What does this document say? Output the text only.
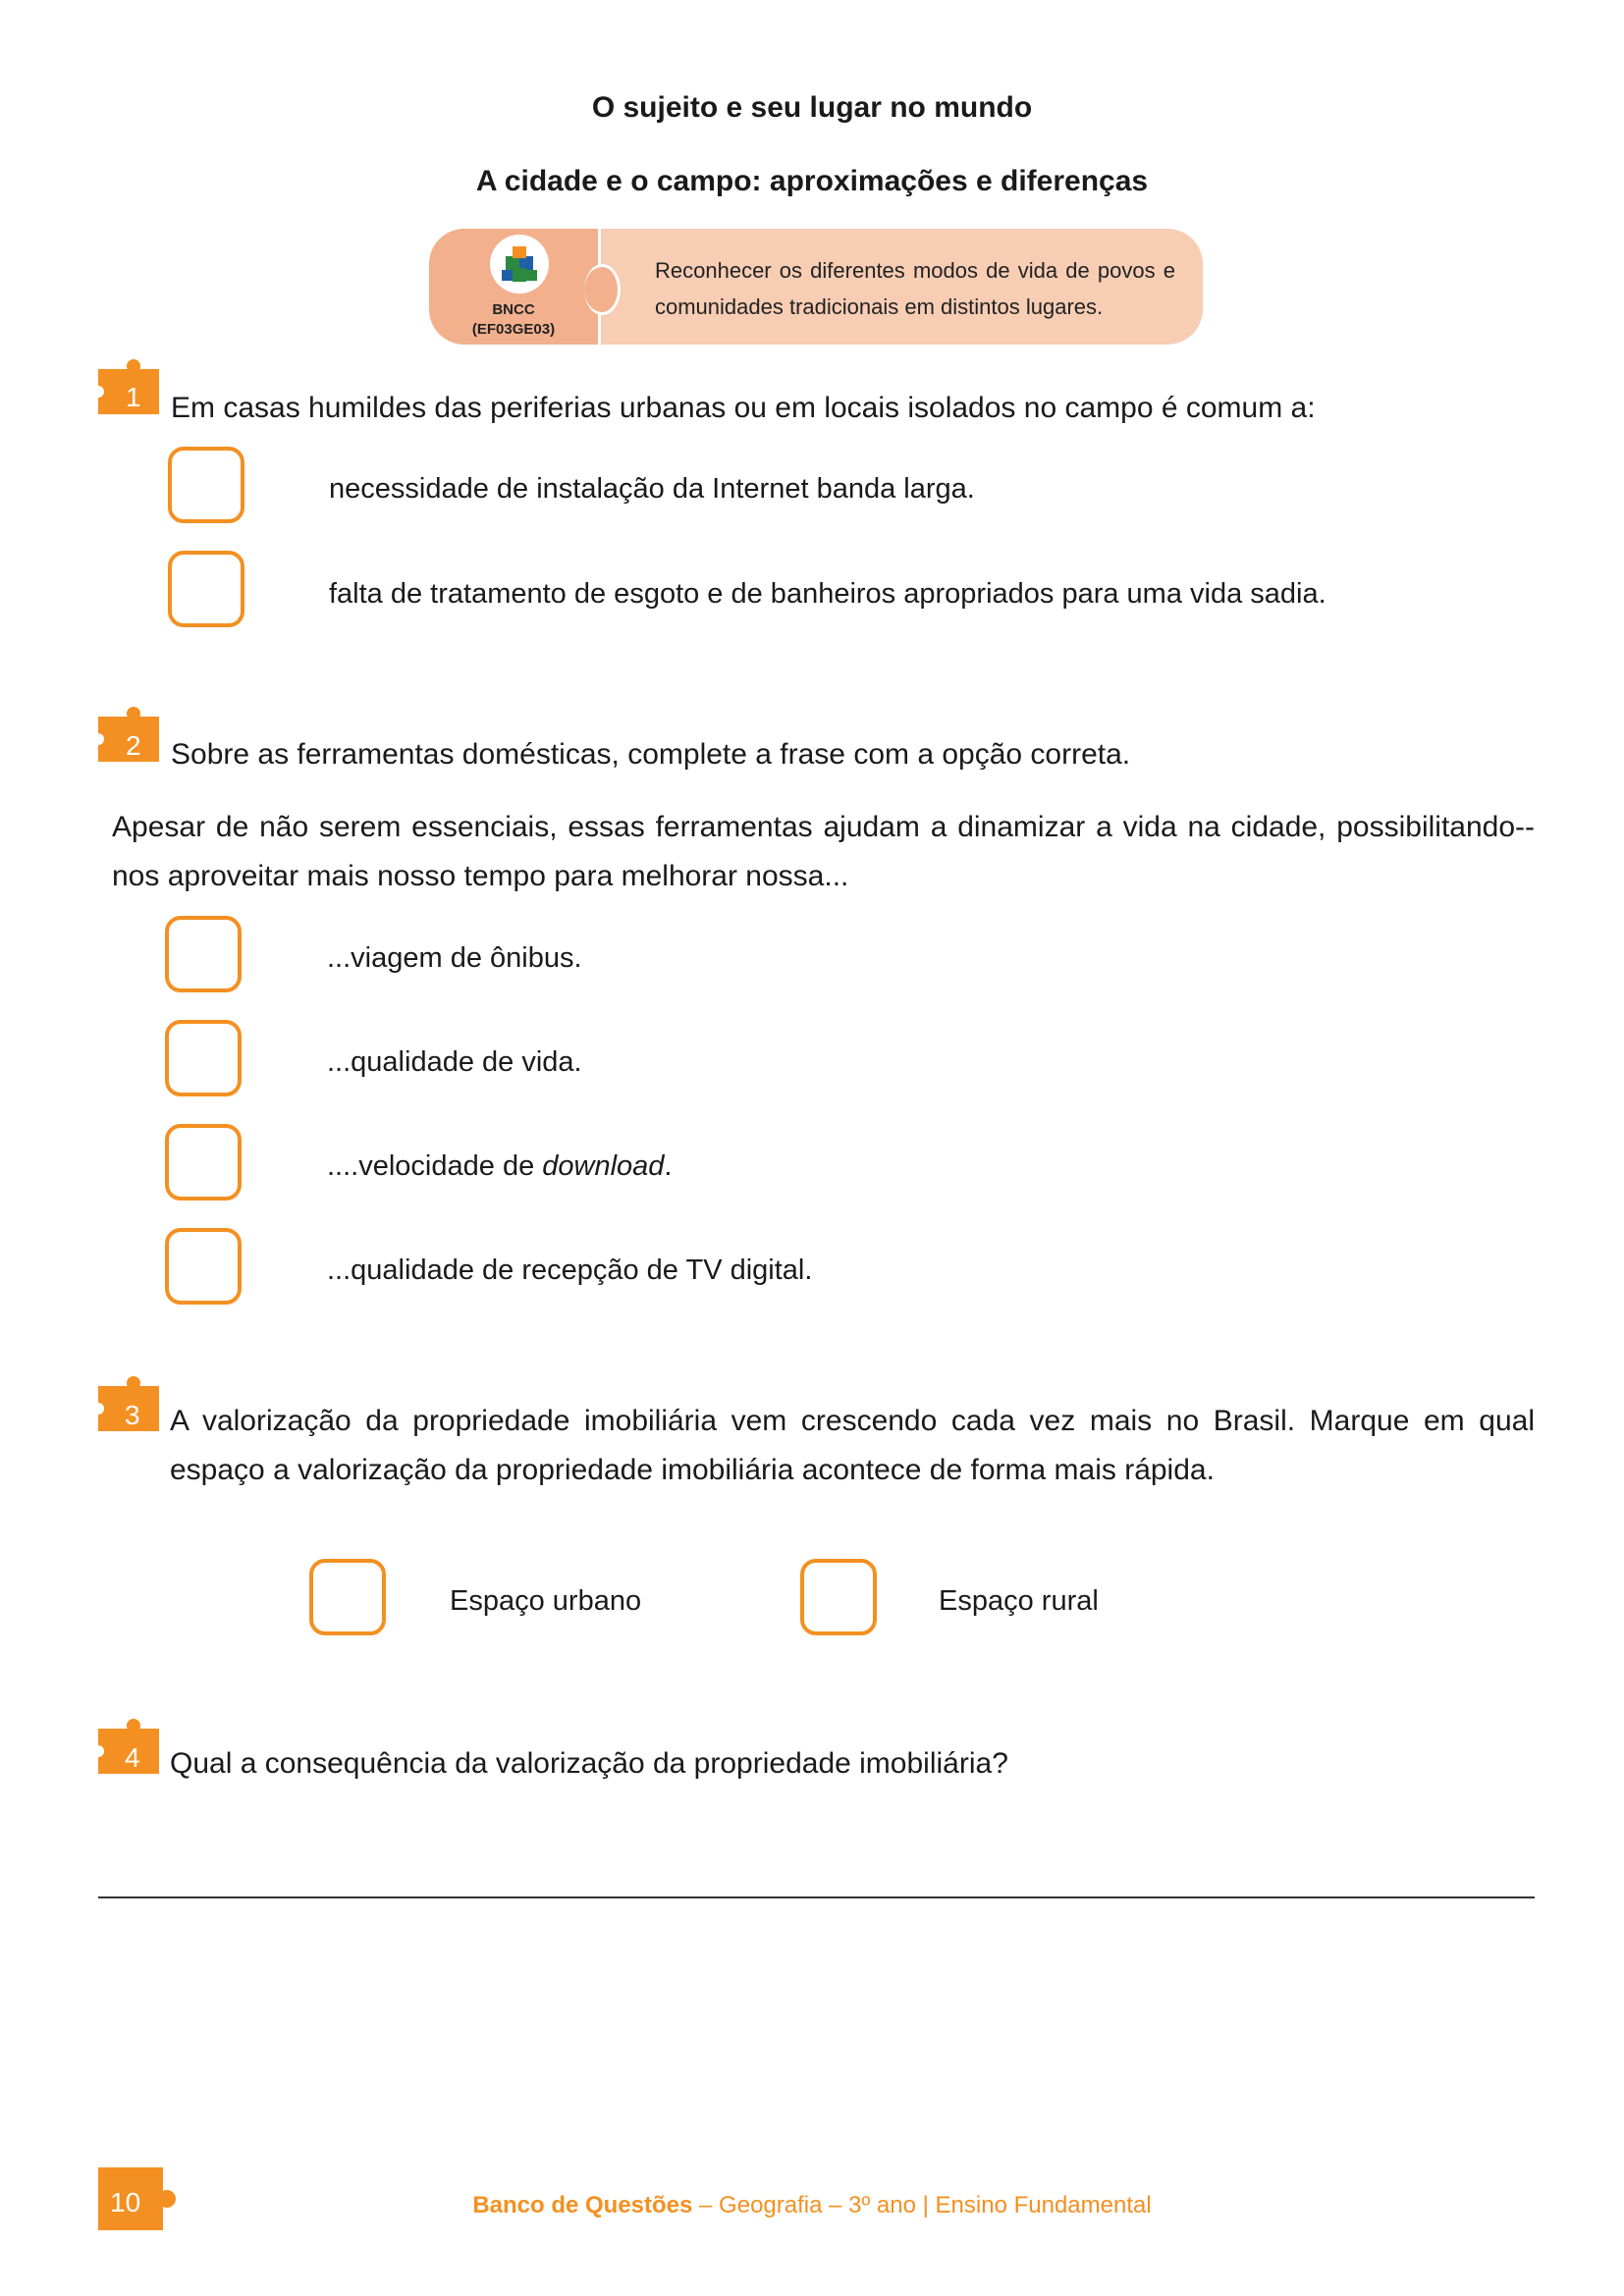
O sujeito e seu lugar no mundo
A cidade e o campo: aproximações e diferenças
BNCC
(EF03GE03)
Reconhecer os diferentes modos de vida de povos e comunidades tradicionais em distintos lugares.
1 Em casas humildes das periferias urbanas ou em locais isolados no campo é comum a:
necessidade de instalação da Internet banda larga.
falta de tratamento de esgoto e de banheiros apropriados para uma vida sadia.
2 Sobre as ferramentas domésticas, complete a frase com a opção correta.
Apesar de não serem essenciais, essas ferramentas ajudam a dinamizar a vida na cidade, possibilitando--nos aproveitar mais nosso tempo para melhorar nossa...
...viagem de ônibus.
...qualidade de vida.
....velocidade de download.
...qualidade de recepção de TV digital.
3 A valorização da propriedade imobiliária vem crescendo cada vez mais no Brasil. Marque em qual espaço a valorização da propriedade imobiliária acontece de forma mais rápida.
Espaço urbano	Espaço rural
4 Qual a consequência da valorização da propriedade imobiliária?
10	Banco de Questões – Geografia – 3º ano | Ensino Fundamental
